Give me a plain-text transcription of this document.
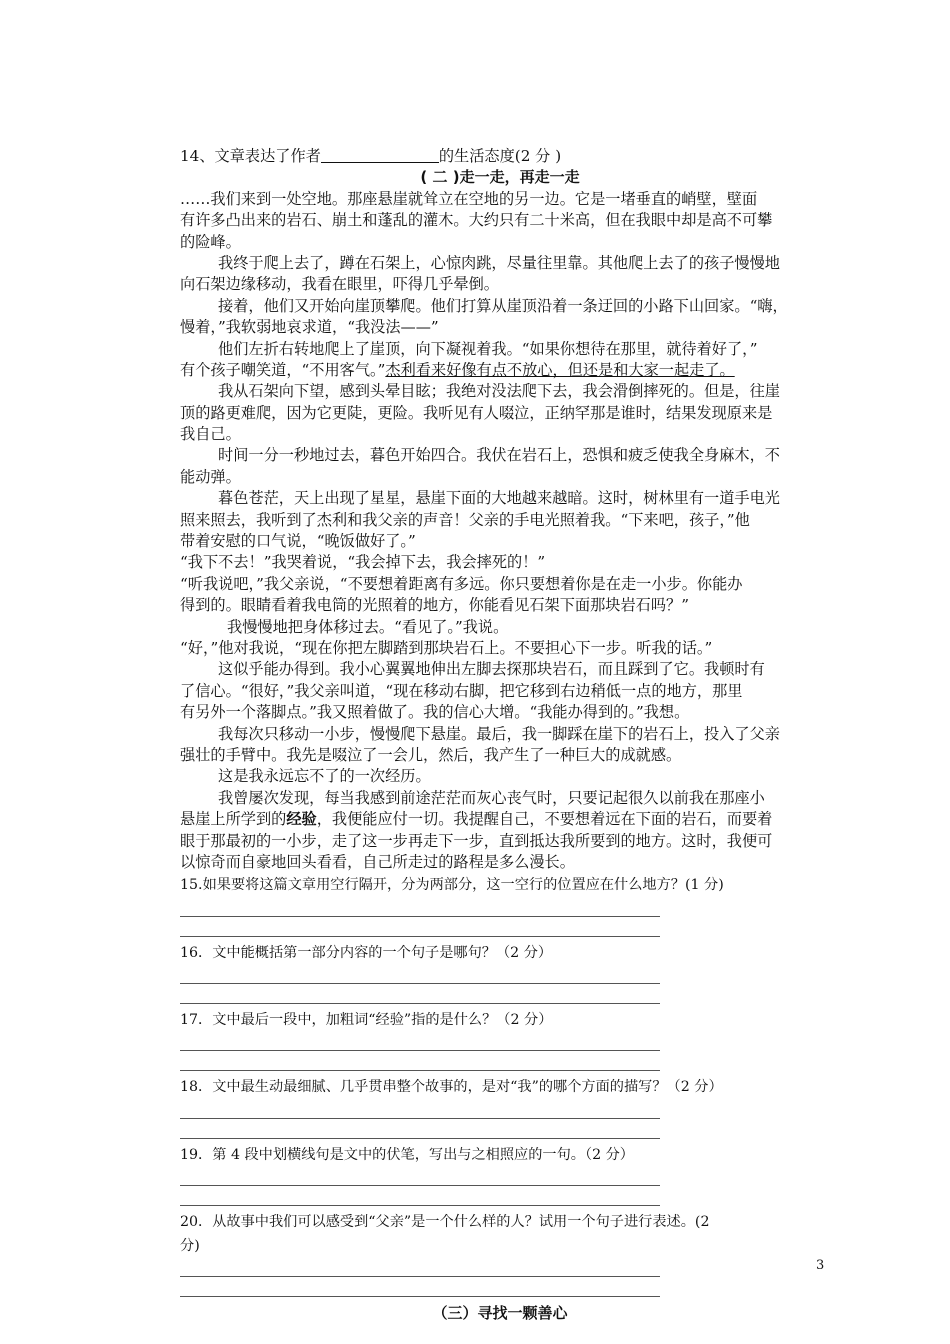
14、文章表达了作者	的生活态度(2 分 )
( 二 )走一走，再走一走
……我们来到一处空地。那座悬崖就耸立在空地的另一边。它是一堵垂直的峭壁，壁面
有许多凸出来的岩石、崩土和蓬乱的灌木。大约只有二十米高，但在我眼中却是高不可攀
的险峰。
我终于爬上去了，蹲在石架上，心惊肉跳，尽量往里靠。其他爬上去了的孩子慢慢地
向石架边缘移动，我看在眼里，吓得几乎晕倒。
接着，他们又开始向崖顶攀爬。他们打算从崖顶沿着一条迂回的小路下山回家。“嗨，
慢着，”我软弱地哀求道，“我没法——”
他们左折右转地爬上了崖顶，向下凝视着我。“如果你想待在那里，就待着好了，”
有个孩子嘲笑道，“不用客气。”杰利看来好像有点不放心，但还是和大家一起走了。
我从石架向下望，感到头晕目眩；我绝对没法爬下去，我会滑倒摔死的。但是，往崖
顶的路更难爬，因为它更陡，更险。我听见有人啜泣，正纳罕那是谁时，结果发现原来是
我自己。
时间一分一秒地过去，暮色开始四合。我伏在岩石上，恐惧和疲乏使我全身麻木，不
能动弹。
暮色苍茫，天上出现了星星，悬崖下面的大地越来越暗。这时，树林里有一道手电光
照来照去，我听到了杰利和我父亲的声音！父亲的手电光照着我。“下来吧，孩子，”他
带着安慰的口气说，“晚饭做好了。”
“我下不去！”我哭着说，“我会掉下去，我会摔死的！”
“听我说吧，”我父亲说，“不要想着距离有多远。你只要想着你是在走一小步。你能办
得到的。眼睛看着我电筒的光照着的地方，你能看见石架下面那块岩石吗？”
我慢慢地把身体移过去。“看见了。”我说。
“好，”他对我说，“现在你把左脚踏到那块岩石上。不要担心下一步。听我的话。”
这似乎能办得到。我小心翼翼地伸出左脚去探那块岩石，而且踩到了它。我顿时有
了信心。“很好，”我父亲叫道，“现在移动右脚，把它移到右边稍低一点的地方，那里
有另外一个落脚点。”我又照着做了。我的信心大增。“我能办得到的。”我想。
我每次只移动一小步，慢慢爬下悬崖。最后，我一脚踩在崖下的岩石上，投入了父亲
强壮的手臂中。我先是啜泣了一会儿，然后，我产生了一种巨大的成就感。
这是我永远忘不了的一次经历。
我曾屡次发现，每当我感到前途茫茫而灰心丧气时，只要记起很久以前我在那座小
悬崖上所学到的经验，我便能应付一切。我提醒自己，不要想着远在下面的岩石，而要着
眼于那最初的一小步，走了这一步再走下一步，直到抵达我所要到的地方。这时，我便可
以惊奇而自豪地回头看看，自己所走过的路程是多么漫长。
15.如果要将这篇文章用空行隔开，分为两部分，这一空行的位置应在什么地方？(1 分)
16．文中能概括第一部分内容的一个句子是哪句？（2 分）
17．文中最后一段中，加粗词“经验”指的是什么？（2 分）
18．文中最生动最细腻、几乎贯串整个故事的，是对“我”的哪个方面的描写？（2 分）
19．第 4 段中划横线句是文中的伏笔，写出与之相照应的一句。（2 分）
20．从故事中我们可以感受到“父亲”是一个什么样的人？试用一个句子进行表述。(2
分)
（三）寻找一颗善心
3
